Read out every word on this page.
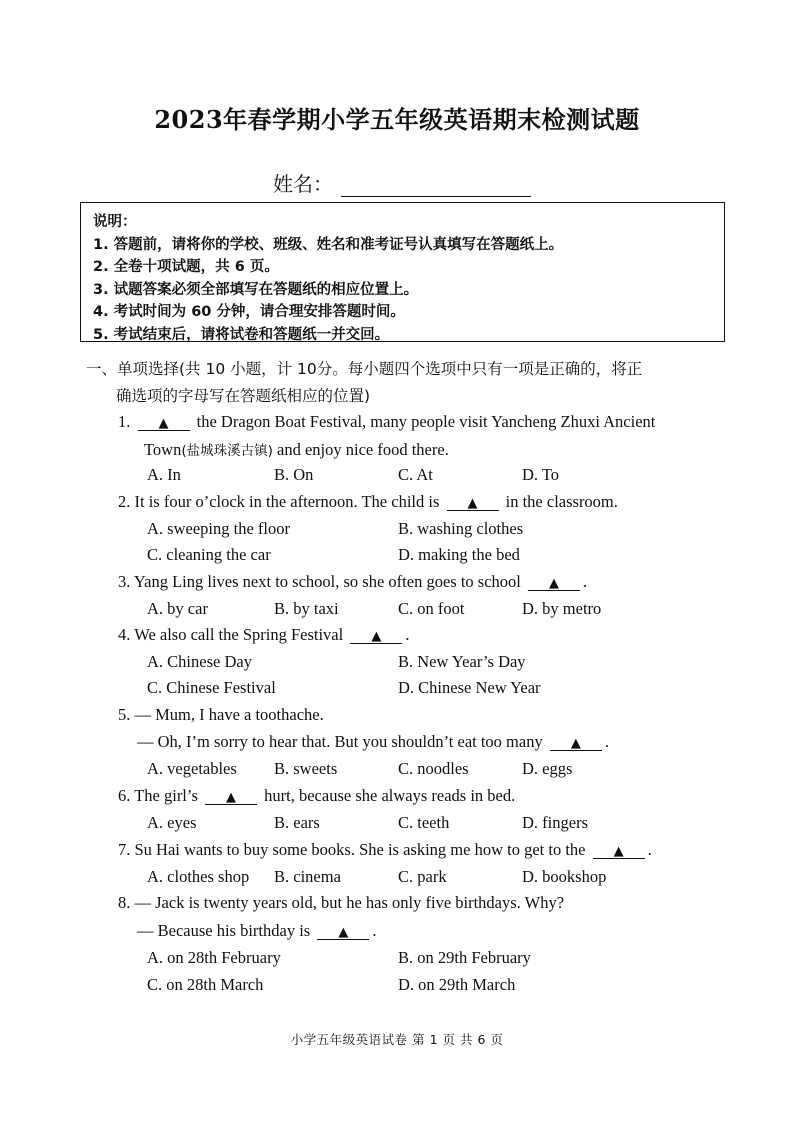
2023年春学期小学五年级英语期末检测试题
姓名：
说明：
1. 答题前，请将你的学校、班级、姓名和准考证号认真填写在答题纸上。
2. 全卷十项试题，共 6 页。
3. 试题答案必须全部填写在答题纸的相应位置上。
4. 考试时间为 60 分钟，请合理安排答题时间。
5. 考试结束后，请将试卷和答题纸一并交回。
一、单项选择(共 10 小题，计 10分。每小题四个选项中只有一项是正确的，将正
确选项的字母写在答题纸相应的位置)
1. ▲ the Dragon Boat Festival, many people visit Yancheng Zhuxi Ancient
Town(盐城珠溪古镇) and enjoy nice food there.
A. In	B. On	C. At	D. To
2. It is four o’clock in the afternoon. The child is ▲ in the classroom.
A. sweeping the floor	B. washing clothes
C. cleaning the car	D. making the bed
3. Yang Ling lives next to school, so she often goes to school ▲ .
A. by car	B. by taxi	C. on foot	D. by metro
4. We also call the Spring Festival ▲ .
A. Chinese Day	B. New Year’s Day
C. Chinese Festival	D. Chinese New Year
5. — Mum, I have a toothache.
— Oh, I’m sorry to hear that. But you shouldn’t eat too many ▲ .
A. vegetables B. sweets	C. noodles	D. eggs
6. The girl’s ▲ hurt, because she always reads in bed.
A. eyes	B. ears	C. teeth	D. fingers
7. Su Hai wants to buy some books. She is asking me how to get to the ▲ .
A. clothes shop B. cinema	C. park	D. bookshop
8. — Jack is twenty years old, but he has only five birthdays. Why?
— Because his birthday is ▲ .
A. on 28th February	B. on 29th February
C. on 28th March	D. on 29th March
小学五年级英语试卷 第 1 页 共 6 页
